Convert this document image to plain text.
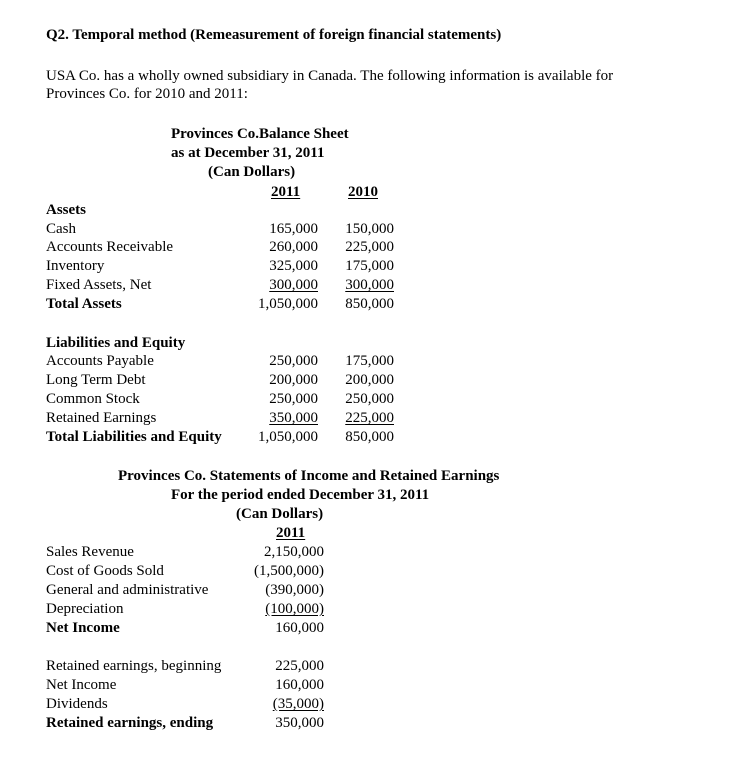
Q2. Temporal method (Remeasurement of foreign financial statements)
USA Co. has a wholly owned subsidiary in Canada. The following information is available for
Provinces Co. for 2010 and 2011:
Provinces Co.Balance Sheet
as at December 31, 2011
(Can Dollars)
2011	2010
Assets
Cash	165,000	150,000
Accounts Receivable	260,000	225,000
Inventory	325,000	175,000
Fixed Assets, Net	300,000	300,000
Total Assets	1,050,000	850,000
Liabilities and Equity
Accounts Payable	250,000	175,000
Long Term Debt	200,000	200,000
Common Stock	250,000	250,000
Retained Earnings	350,000	225,000
Total Liabilities and Equity	1,050,000	850,000
Provinces Co. Statements of Income and Retained Earnings
For the period ended December 31, 2011
(Can Dollars)
2011
Sales Revenue	2,150,000
Cost of Goods Sold	(1,500,000)
General and administrative	(390,000)
Depreciation	(100,000)
Net Income	160,000
Retained earnings, beginning	225,000
Net Income	160,000
Dividends	(35,000)
Retained earnings, ending	350,000
